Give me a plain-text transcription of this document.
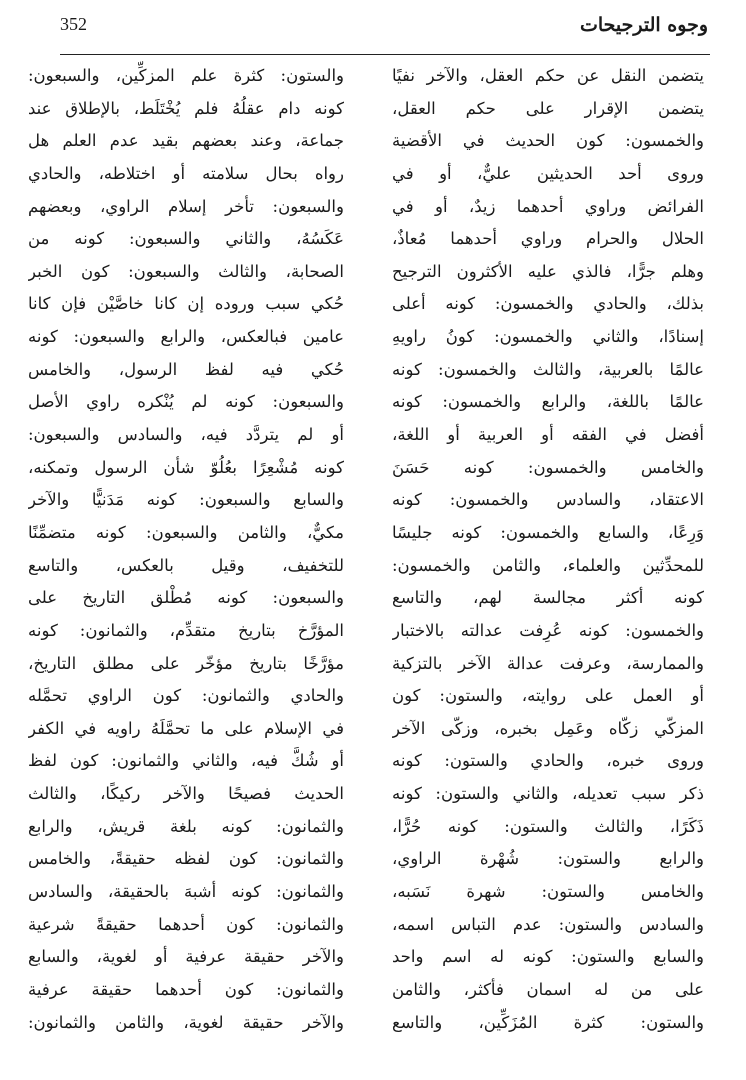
352	وجوه الترجيحات
يتضمن النقل عن حكم العقل، والآخر نفيًا
يتضمن الإقرار على حكم العقل،
والخمسون: كون الحديث في الأقضية
وروى أحد الحديثين عليٌّ، أو في
الفرائض وراوي أحدهما زيدٌ، أو في
الحلال والحرام وراوي أحدهما مُعاذٌ،
وهلم جرًّا، فالذي عليه الأكثرون الترجيح
بذلك، والحادي والخمسون: كونه أعلى
إسنادًا، والثاني والخمسون: كونُ راويهِ
عالمًا بالعربية، والثالث والخمسون: كونه
عالمًا باللغة، والرابع والخمسون: كونه
أفضل في الفقه أو العربية أو اللغة،
والخامس والخمسون: كونه حَسَنَ
الاعتقاد، والسادس والخمسون: كونه
وَرِعًا، والسابع والخمسون: كونه جليسًا
للمحدِّثين والعلماء، والثامن والخمسون:
كونه أكثر مجالسة لهم، والتاسع
والخمسون: كونه عُرِفت عدالته بالاختبار
والممارسة، وعرفت عدالة الآخر بالتزكية
أو العمل على روايته، والستون: كون
المزكّي زكّاه وعَمِل بخبره، وزكّى الآخر
وروى خبره، والحادي والستون: كونه
ذكر سبب تعديله، والثاني والستون: كونه
ذَكَرًا، والثالث والستون: كونه حُرًّا،
والرابع والستون: شُهْرة الراوي،
والخامس والستون: شهرة نَسَبه،
والسادس والستون: عدم التباس اسمه،
والسابع والستون: كونه له اسم واحد
على من له اسمان فأكثر، والثامن
والستون: كثرة المُزَكِّين، والتاسع
والستون: كثرة علم المزكِّين، والسبعون:
كونه دام عقلُهُ فلم يُخْتَلَط، بالإطلاق عند
جماعة، وعند بعضهم بقيد عدم العلم هل
رواه بحال سلامته أو اختلاطه، والحادي
والسبعون: تأخر إسلام الراوي، وبعضهم
عَكَسُهُ، والثاني والسبعون: كونه من
الصحابة، والثالث والسبعون: كون الخبر
حُكي سبب وروده إن كانا خاصَّيْن فإن كانا
عامين فبالعكس، والرابع والسبعون: كونه
حُكي فيه لفظ الرسول، والخامس
والسبعون: كونه لم يُنْكره راوي الأصل
أو لم يتردَّد فيه، والسادس والسبعون:
كونه مُشْعِرًا بعُلُوّ شأن الرسول وتمكنه،
والسابع والسبعون: كونه مَدَنيًّا والآخر
مكيٌّ، والثامن والسبعون: كونه متضمِّنًا
للتخفيف، وقيل بالعكس، والتاسع
والسبعون: كونه مُطْلق التاريخ على
المؤرَّخ بتاريخ متقدِّم، والثمانون: كونه
مؤرَّخًا بتاريخ مؤخّر على مطلق التاريخ،
والحادي والثمانون: كون الراوي تحمَّله
في الإسلام على ما تحمَّلَهُ راويه في الكفر
أو شُكَّ فيه، والثاني والثمانون: كون لفظ
الحديث فصيحًا والآخر ركيكًا، والثالث
والثمانون: كونه بلغة قريش، والرابع
والثمانون: كون لفظه حقيقةً، والخامس
والثمانون: كونه أشبهَ بالحقيقة، والسادس
والثمانون: كون أحدهما حقيقةً شرعية
والآخر حقيقة عرفية أو لغوية، والسابع
والثمانون: كون أحدهما حقيقة عرفية
والآخر حقيقة لغوية، والثامن والثمانون:
